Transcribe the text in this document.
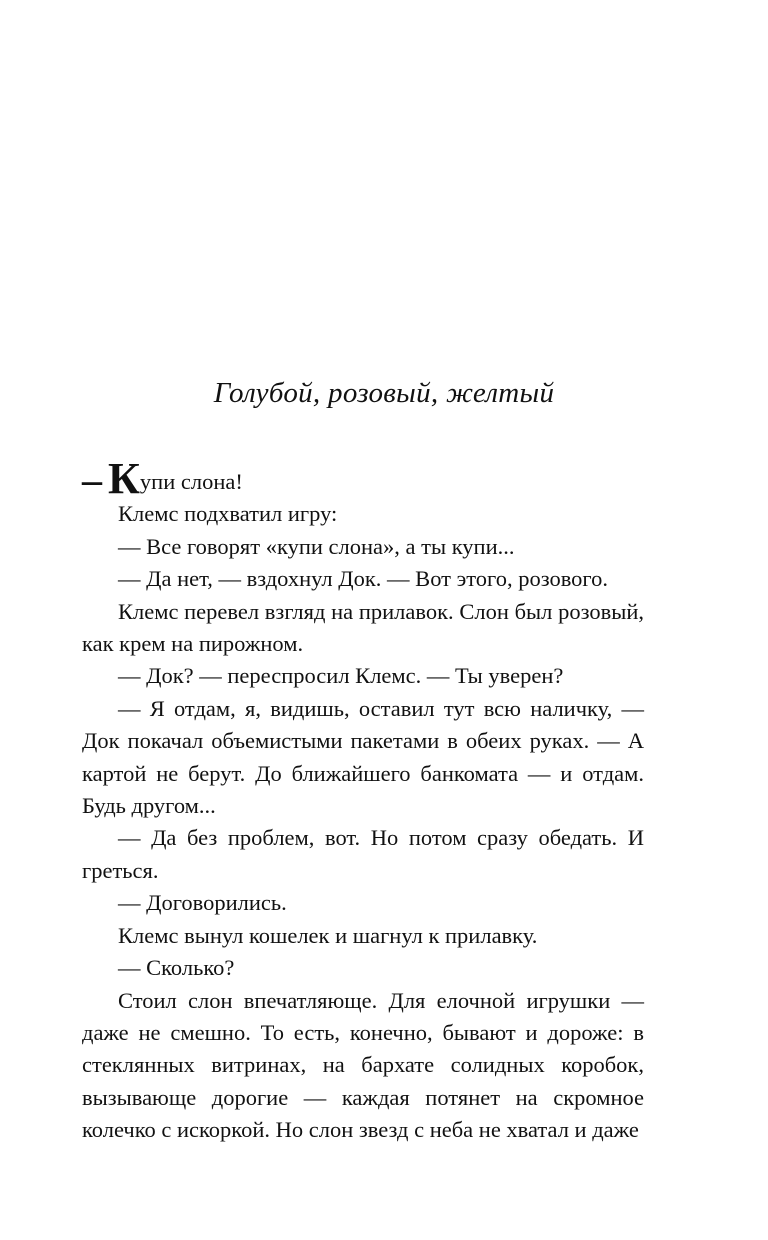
Голубой, розовый, желтый

– Купи слона!

Клемс подхватил игру:

— Все говорят «купи слона», а ты купи...

— Да нет, — вздохнул Док. — Вот этого, розового.

Клемс перевел взгляд на прилавок. Слон был розовый, как крем на пирожном.

— Док? — переспросил Клемс. — Ты уверен?

— Я отдам, я, видишь, оставил тут всю наличку, — Док покачал объемистыми пакетами в обеих руках. — А картой не берут. До ближайшего банкомата — и отдам. Будь другом...

— Да без проблем, вот. Но потом сразу обедать. И греться.

— Договорились.

Клемс вынул кошелек и шагнул к прилавку.

— Сколько?

Стоил слон впечатляюще. Для елочной игрушки — даже не смешно. То есть, конечно, бывают и дороже: в стеклянных витринах, на бархате солидных коробок, вызывающе дорогие — каждая потянет на скромное колечко с искоркой. Но слон звезд с неба не хватал и даже
